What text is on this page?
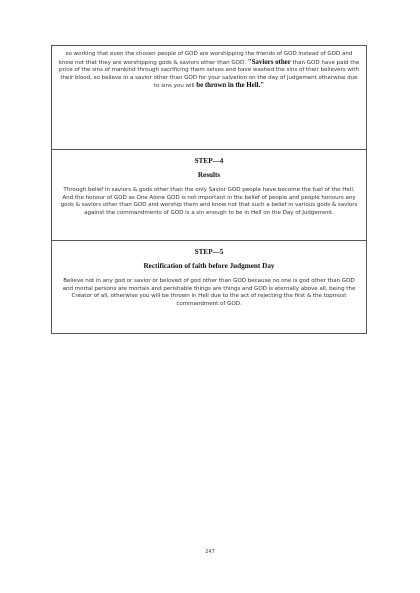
so working that even the chosen people of GOD are worshipping the friends of GOD instead of GOD and know not that they are worshipping gods & saviors other than GOD. "Saviors other than GOD have paid the price of the sins of mankind through sacrificing them selves and have washed the sins of their believers with their blood, so believe in a savior other than GOD for your salvation on the day of judgement otherwise due to sins you will be thrown in the Hell."

STEP—4
Results

Through belief in saviors & gods other than the only Savior GOD people have become the fuel of the Hell. And the honour of GOD as One Alone GOD is not important in the belief of people and people honours any gods & saviors other than GOD and worship them and know not that such a belief in various gods & saviors against the commandments of GOD is a sin enough to be in Hell on the Day of Judgement.

STEP—5
Rectification of faith before Judgment Day

Believe not in any god or savior or beloved of god other than GOD because no one is god other than GOD and mortal persons are mortals and perishable things are things and GOD is eternally above all, being the Creator of all, otherwise you will be thrown in Hell due to the act of rejecting the first & the topmost commandment of GOD.

247
